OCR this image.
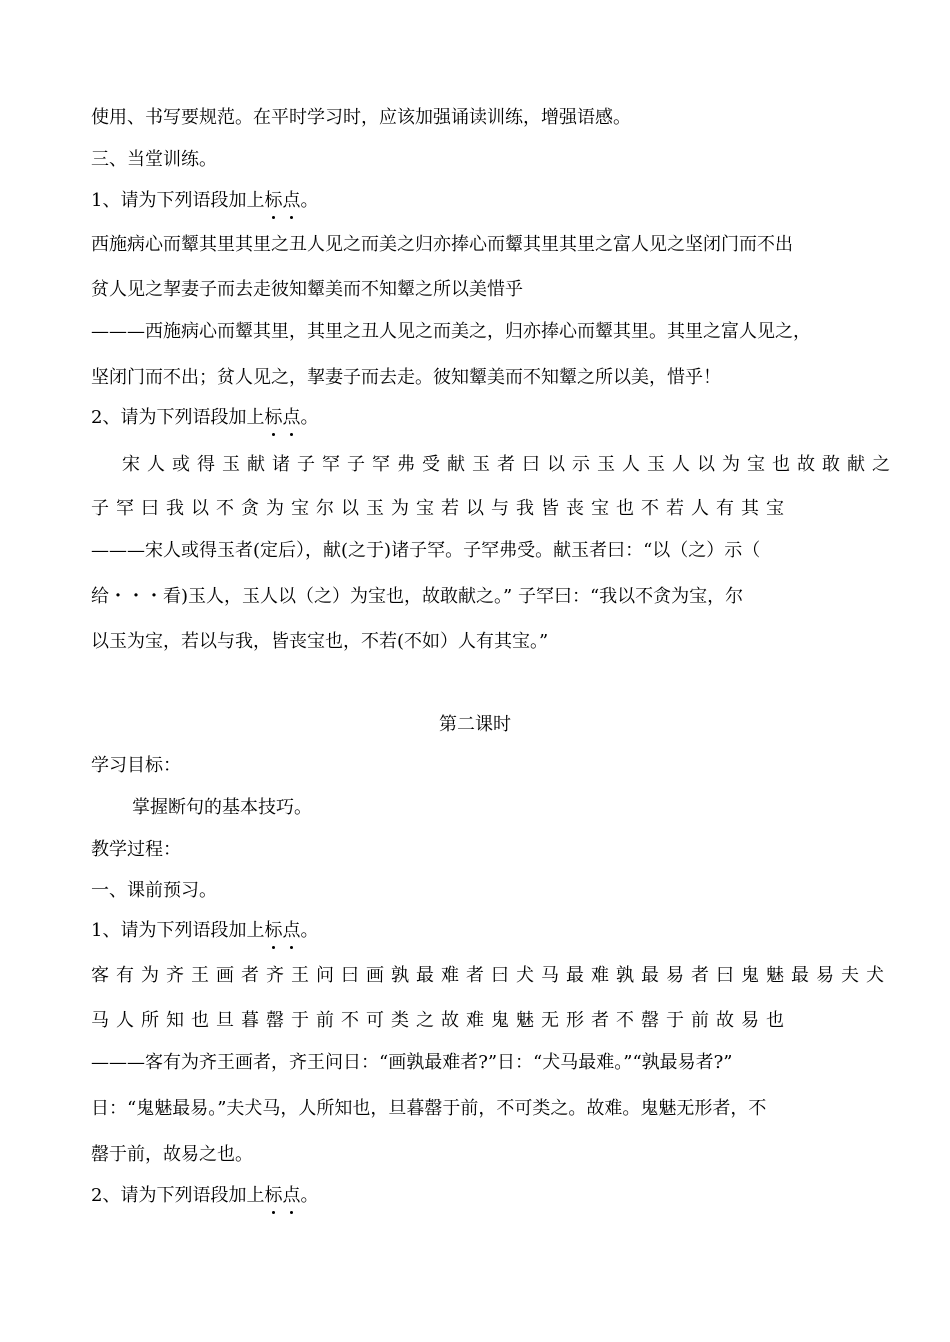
使用、书写要规范。在平时学习时，应该加强诵读训练，增强语感。
三、当堂训练。
1、请为下列语段加上标点。
西施病心而颦其里其里之丑人见之而美之归亦捧心而颦其里其里之富人见之坚闭门而不出
贫人见之挈妻子而去走彼知颦美而不知颦之所以美惜乎
———西施病心而颦其里，其里之丑人见之而美之，归亦捧心而颦其里。其里之富人见之，
坚闭门而不出；贫人见之，挈妻子而去走。彼知颦美而不知颦之所以美，惜乎！
2、请为下列语段加上标点。
宋人或得玉献诸子罕子罕弗受献玉者曰以示玉人玉人以为宝也故敢献之
子罕曰我以不贪为宝尔以玉为宝若以与我皆丧宝也不若人有其宝
———宋人或得玉者(定后），献(之于)诸子罕。子罕弗受。献玉者曰：“以（之）示（
给・・・看)玉人，玉人以（之）为宝也，故敢献之。” 子罕曰：“我以不贪为宝，尔
以玉为宝，若以与我，皆丧宝也，不若(不如）人有其宝。”
第二课时
学习目标：
掌握断句的基本技巧。
教学过程：
一、课前预习。
1、请为下列语段加上标点。
客有为齐王画者齐王问曰画孰最难者曰犬马最难孰最易者曰鬼魅最易夫犬
马人所知也旦暮罄于前不可类之故难鬼魅无形者不罄于前故易也
———客有为齐王画者，齐王问日：“画孰最难者?”日：“犬马最难。”“孰最易者?”
日：“鬼魅最易。”夫犬马，人所知也，旦暮罄于前，不可类之。故难。鬼魅无形者，不
罄于前，故易之也。
2、请为下列语段加上标点。
